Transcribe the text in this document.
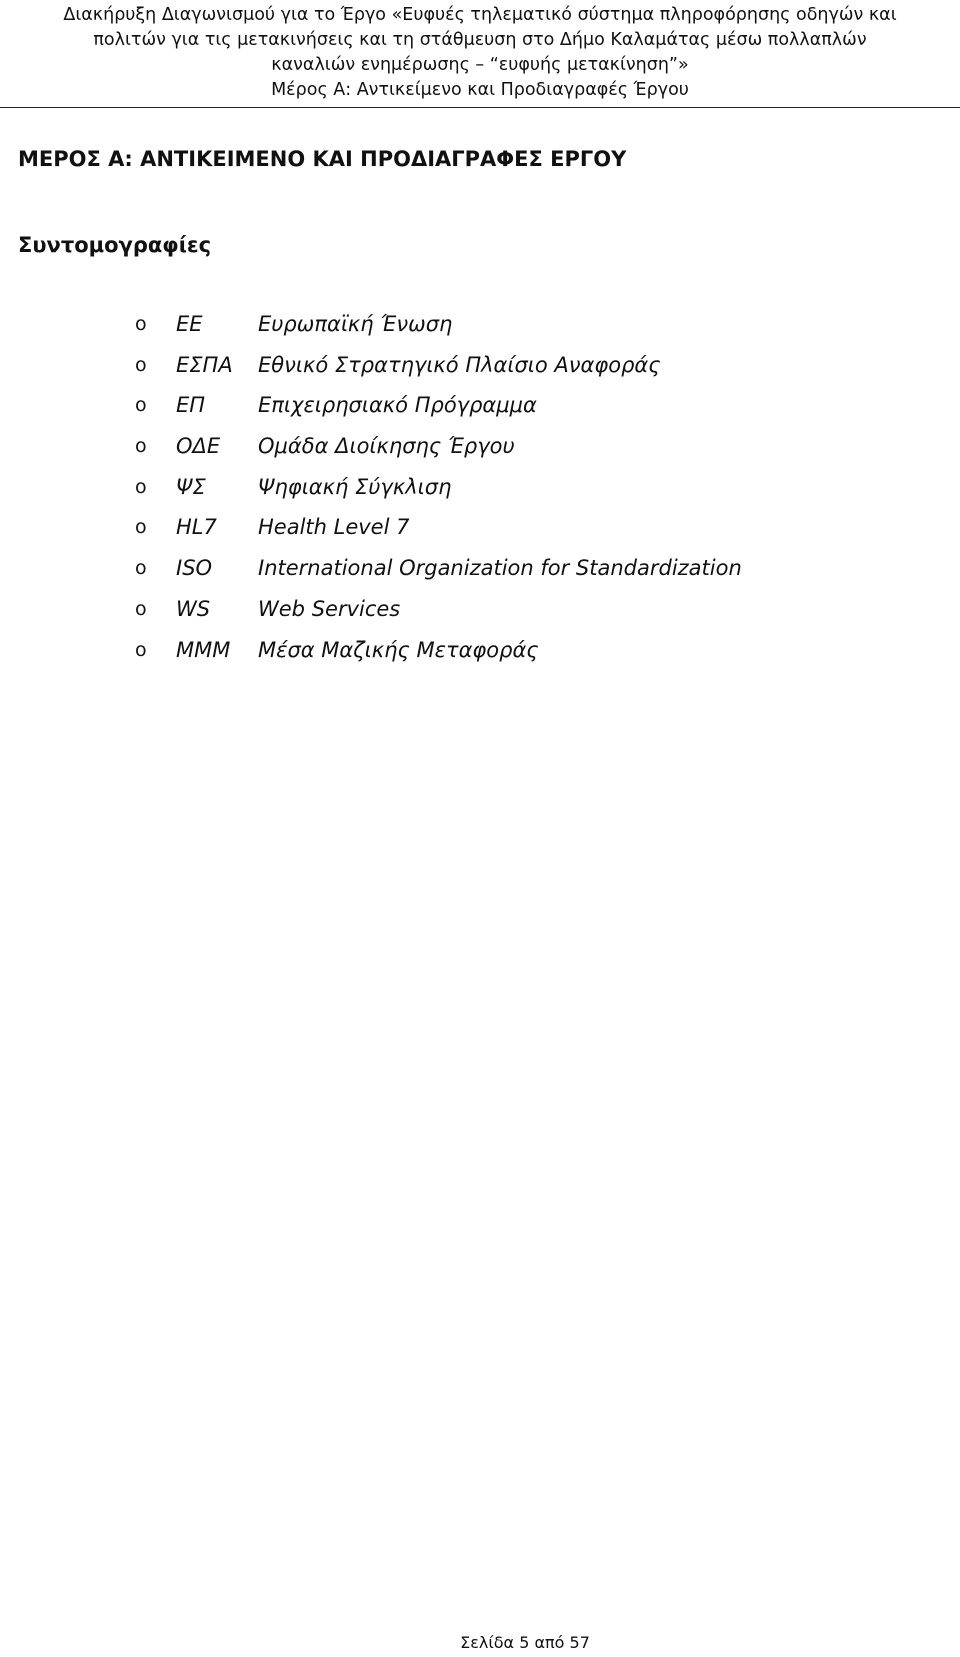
Διακήρυξη Διαγωνισμού για το Έργο «Ευφυές τηλεματικό σύστημα πληροφόρησης οδηγών και
πολιτών για τις μετακινήσεις και τη στάθμευση στο Δήμο Καλαμάτας μέσω πολλαπλών
καναλιών ενημέρωσης – “ευφυής μετακίνηση”»
Μέρος Α: Αντικείμενο και Προδιαγραφές Έργου
ΜΕΡΟΣ Α: ΑΝΤΙΚΕΙΜΕΝΟ ΚΑΙ ΠΡΟΔΙΑΓΡΑΦΕΣ ΕΡΓΟΥ
Συντομογραφίες
o ΕΕ	Ευρωπαϊκή Ένωση
o ΕΣΠΑ Εθνικό Στρατηγικό Πλαίσιο Αναφοράς
o ΕΠ	Επιχειρησιακό Πρόγραμμα
o ΟΔΕ Ομάδα Διοίκησης Έργου
o ΨΣ Ψηφιακή Σύγκλιση
o HL7 Health Level 7
o ISO International Organization for Standardization
o WS Web Services
o ΜΜΜ Μέσα Μαζικής Μεταφοράς
Σελίδα 5 από 57
